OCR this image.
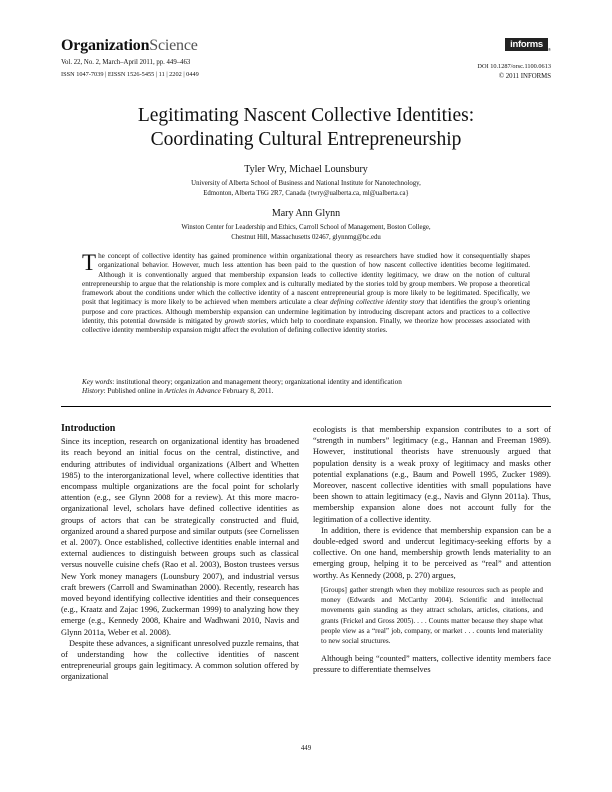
OrganizationScience
Vol. 22, No. 2, March–April 2011, pp. 449–463
ISSN 1047-7039 | EISSN 1526-5455 | 11 | 2202 | 0449
informs	®
DOI 10.1287/orsc.1100.0613
© 2011 INFORMS
Legitimating Nascent Collective Identities:
Coordinating Cultural Entrepreneurship
Tyler Wry, Michael Lounsbury
University of Alberta School of Business and National Institute for Nanotechnology,
Edmonton, Alberta T6G 2R7, Canada {twry@ualberta.ca, ml@ualberta.ca}
Mary Ann Glynn
Winston Center for Leadership and Ethics, Carroll School of Management, Boston College,
Chestnut Hill, Massachusetts 02467, glynnmg@bc.edu
The concept of collective identity has gained prominence within organizational theory as researchers have studied how it consequentially shapes organizational behavior. However, much less attention has been paid to the question of how nascent collective identities become legitimated. Although it is conventionally argued that membership expansion leads to collective identity legitimacy, we draw on the notion of cultural entrepreneurship to argue that the relationship is more complex and is culturally mediated by the stories told by group members. We propose a theoretical framework about the conditions under which the collective identity of a nascent entrepreneurial group is more likely to be legitimated. Specifically, we posit that legitimacy is more likely to be achieved when members articulate a clear defining collective identity story that identifies the group’s orienting purpose and core practices. Although membership expansion can undermine legitimation by introducing discrepant actors and practices to a collective identity, this potential downside is mitigated by growth stories, which help to coordinate expansion. Finally, we theorize how processes associated with collective identity membership expansion might affect the evolution of defining collective identity stories.
Key words: institutional theory; organization and management theory; organizational identity and identification
History: Published online in Articles in Advance February 8, 2011.
Introduction

Since its inception, research on organizational identity has broadened its reach beyond an initial focus on the central, distinctive, and enduring attributes of individual organizations (Albert and Whetten 1985) to the interorganizational level, where collective identities that encompass multiple organizations are the focal point for scholarly attention (e.g., see Glynn 2008 for a review). At this more macro-organizational level, scholars have defined collective identities as groups of actors that can be strategically constructed and fluid, organized around a shared purpose and similar outputs (see Cornelissen et al. 2007). Once established, collective identities enable internal and external audiences to distinguish between groups such as classical versus nouvelle cuisine chefs (Rao et al. 2003), Boston trustees versus New York money managers (Lounsbury 2007), and industrial versus craft brewers (Carroll and Swaminathan 2000). Recently, research has moved beyond identifying collective identities and their consequences (e.g., Kraatz and Zajac 1996, Zuckerman 1999) to analyzing how they emerge (e.g., Kennedy 2008, Khaire and Wadhwani 2010, Navis and Glynn 2011a, Weber et al. 2008).

Despite these advances, a significant unresolved puzzle remains, that of understanding how the collective identities of nascent entrepreneurial groups gain legitimacy. A common solution offered by organizational

ecologists is that membership expansion contributes to a sort of “strength in numbers” legitimacy (e.g., Hannan and Freeman 1989). However, institutional theorists have strenuously argued that population density is a weak proxy of legitimacy and masks other potential explanations (e.g., Baum and Powell 1995, Zucker 1989). Moreover, nascent collective identities with small populations have been shown to attain legitimacy (e.g., Navis and Glynn 2011a). Thus, membership expansion alone does not account fully for the legitimation of a collective identity.

In addition, there is evidence that membership expansion can be a double-edged sword and undercut legitimacy-seeking efforts by a collective. On one hand, membership growth lends materiality to an emerging group, helping it to be perceived as “real” and attention worthy. As Kennedy (2008, p. 270) argues,

[Groups] gather strength when they mobilize resources such as people and money (Edwards and McCarthy 2004). Scientific and intellectual movements gain standing as they attract scholars, articles, citations, and grants (Frickel and Gross 2005). . . . Counts matter because they shape what people view as a “real” job, company, or market . . . counts lend materiality to new social structures.

Although being “counted” matters, collective identity members face pressure to differentiate themselves

449
